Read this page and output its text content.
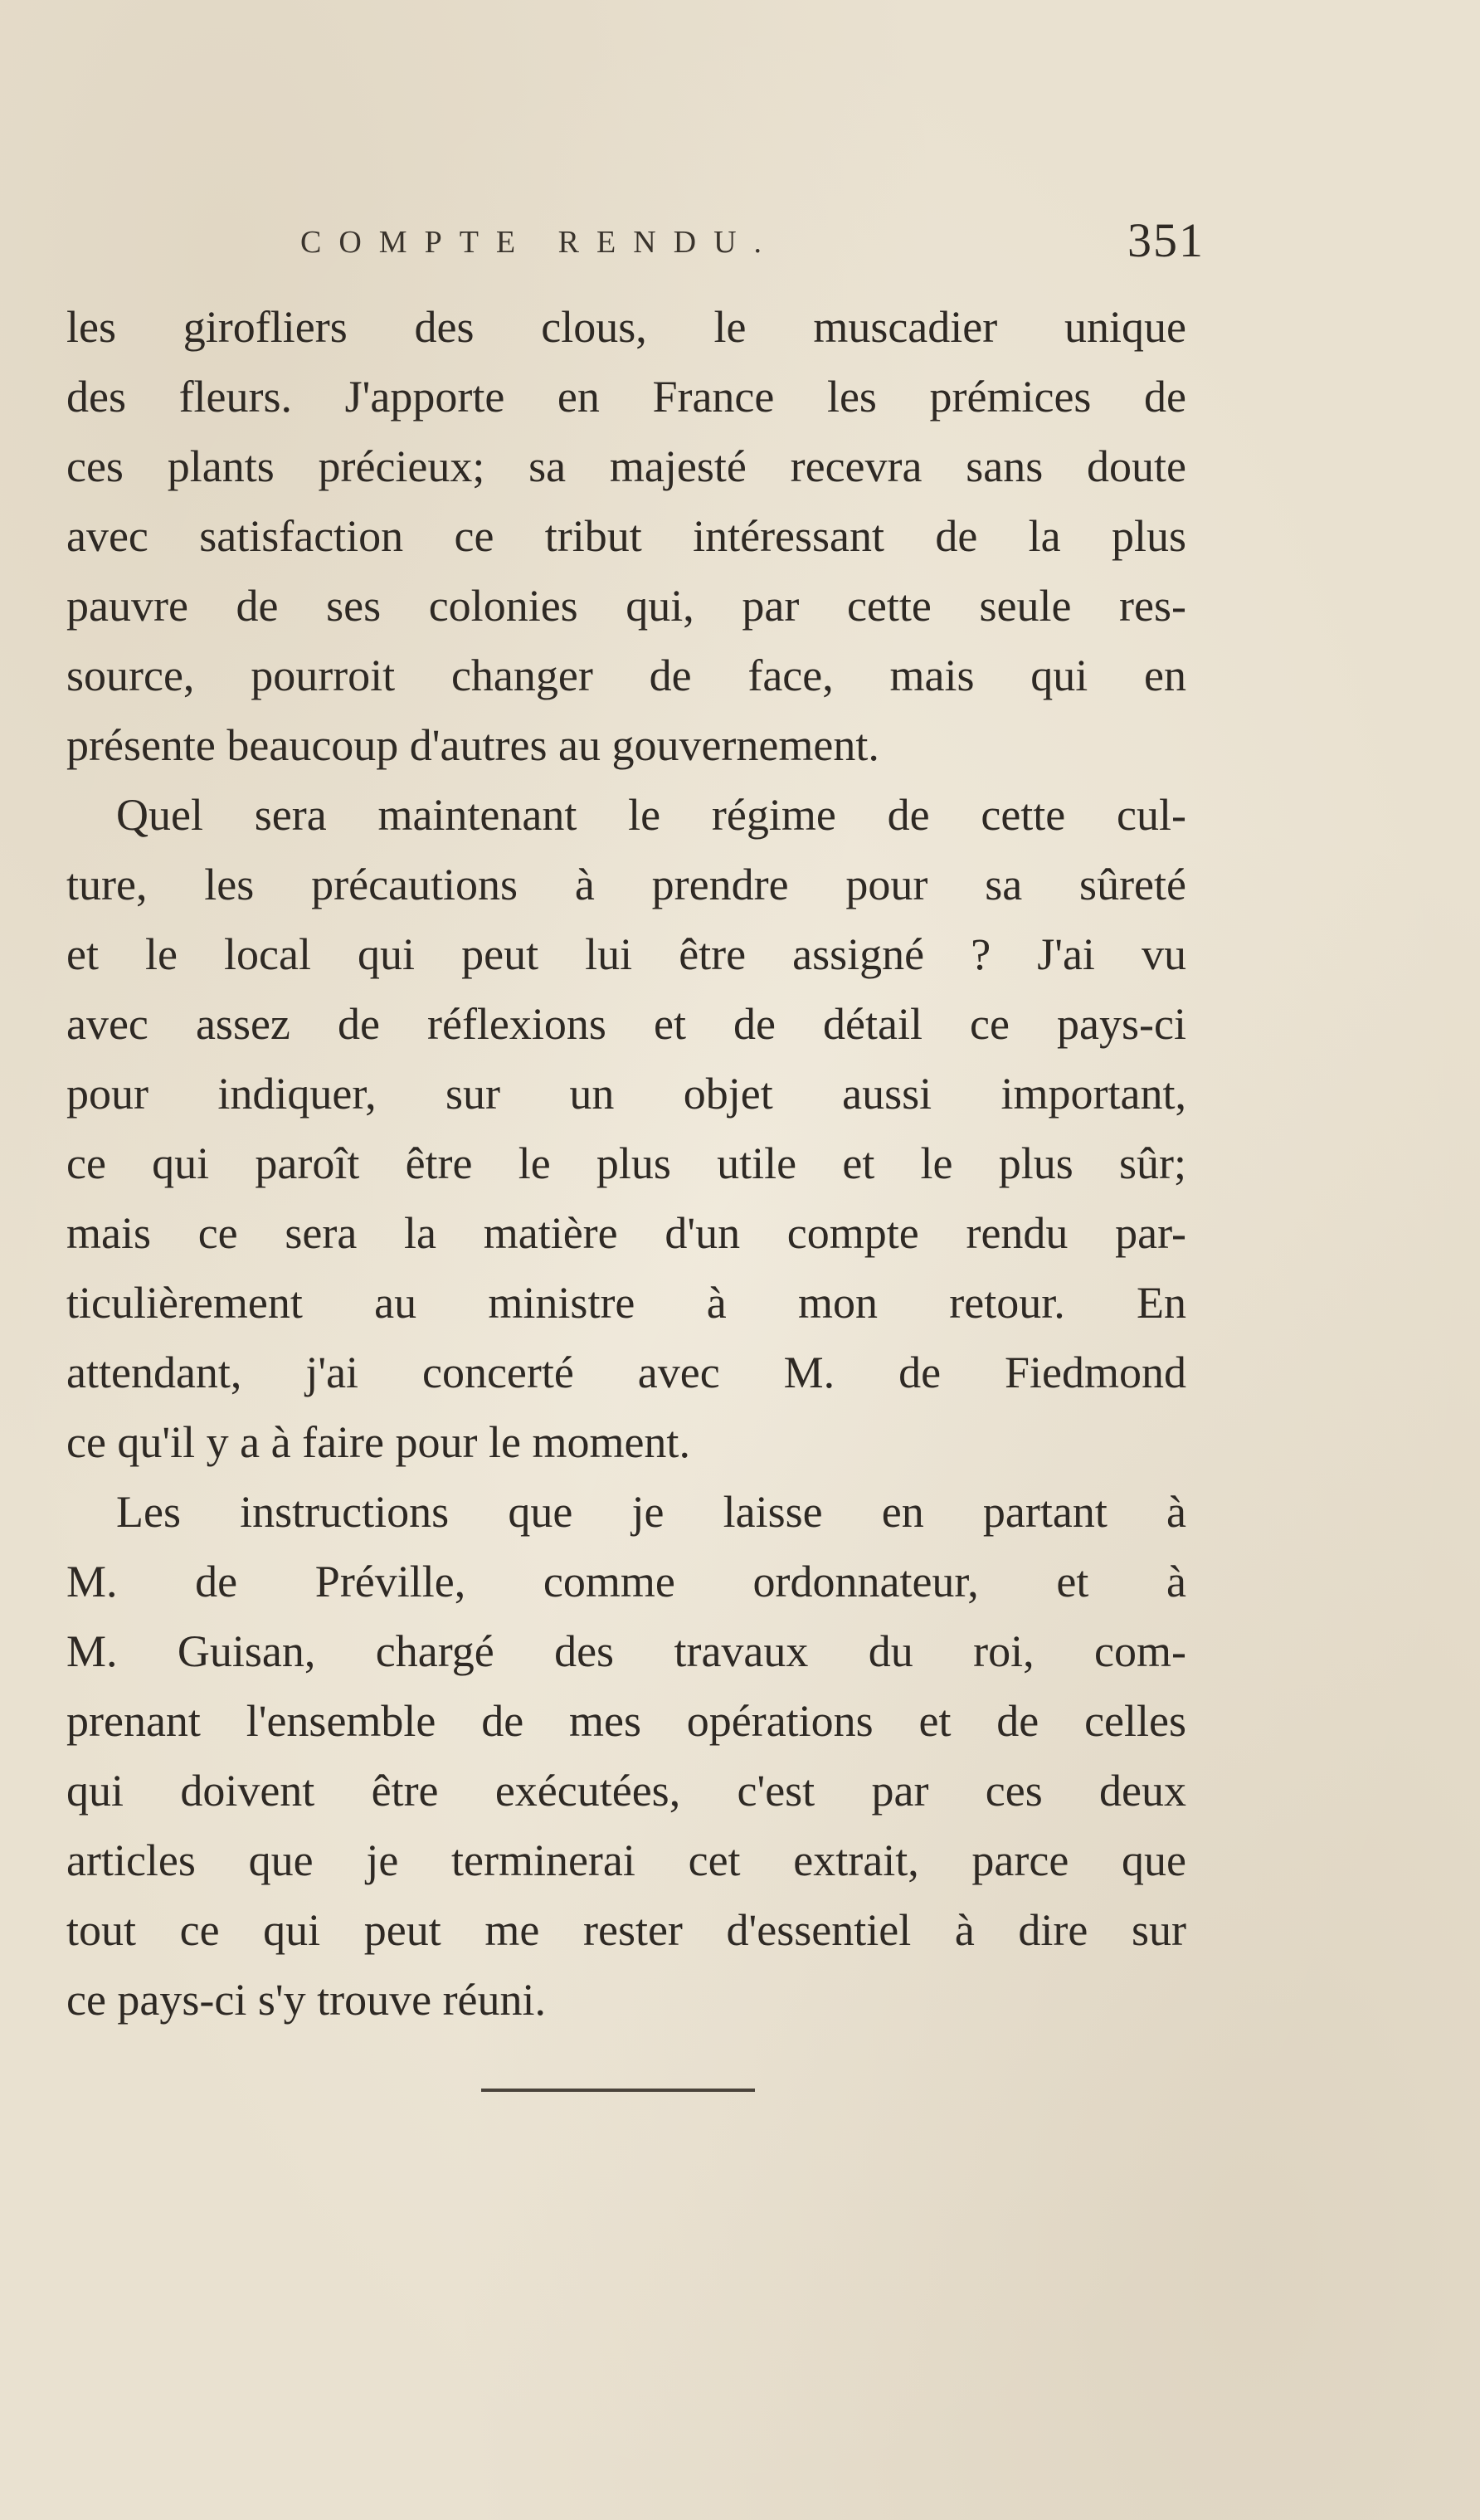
COMPTE RENDU.	351
les girofliers des clous, le muscadier unique
des fleurs. J'apporte en France les prémices de
ces plants précieux; sa majesté recevra sans doute
avec satisfaction ce tribut intéressant de la plus
pauvre de ses colonies qui, par cette seule res-
source, pourroit changer de face, mais qui en
présente beaucoup d'autres au gouvernement.
Quel sera maintenant le régime de cette cul-
ture, les précautions à prendre pour sa sûreté
et le local qui peut lui être assigné ? J'ai vu
avec assez de réflexions et de détail ce pays-ci
pour indiquer, sur un objet aussi important,
ce qui paroît être le plus utile et le plus sûr;
mais ce sera la matière d'un compte rendu par-
ticulièrement au ministre à mon retour. En
attendant, j'ai concerté avec M. de Fiedmond
ce qu'il y a à faire pour le moment.
Les instructions que je laisse en partant à
M. de Préville, comme ordonnateur, et à
M. Guisan, chargé des travaux du roi, com-
prenant l'ensemble de mes opérations et de celles
qui doivent être exécutées, c'est par ces deux
articles que je terminerai cet extrait, parce que
tout ce qui peut me rester d'essentiel à dire sur
ce pays-ci s'y trouve réuni.
